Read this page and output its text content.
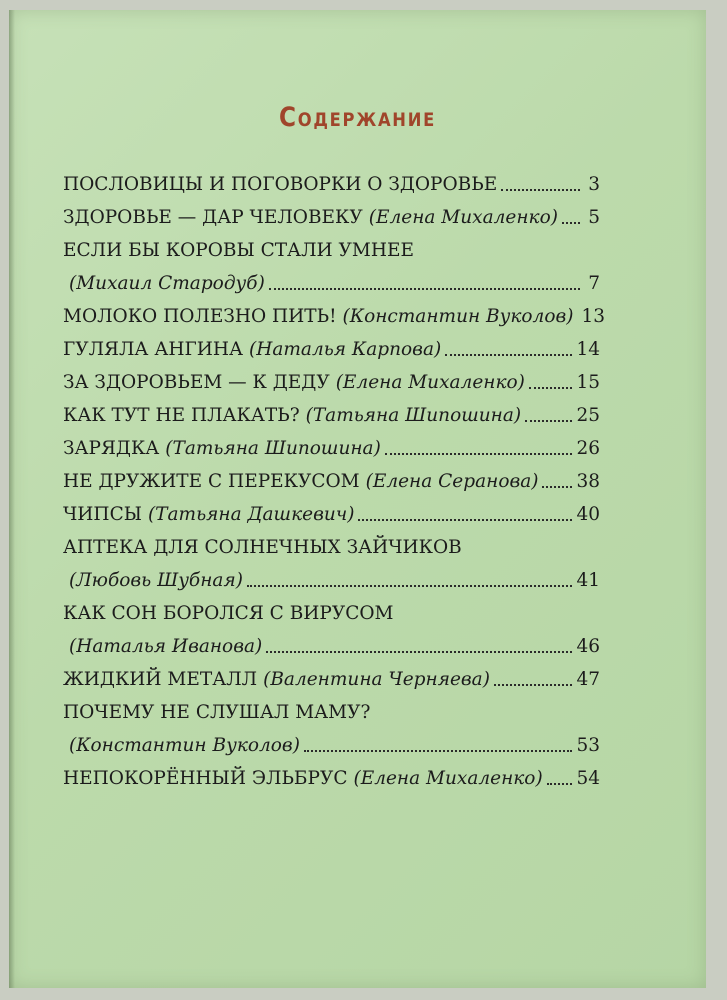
Содержание
ПОСЛОВИЦЫ И ПОГОВОРКИ О ЗДОРОВЬЕ	3
ЗДОРОВЬЕ — ДАР ЧЕЛОВЕКУ (Елена Михаленко) 5
ЕСЛИ БЫ КОРОВЫ СТАЛИ УМНЕЕ
(Михаил Стародуб)	7
МОЛОКО ПОЛЕЗНО ПИТЬ! (Константин Вуколов) 13
ГУЛЯЛА АНГИНА (Наталья Карпова)	14
ЗА ЗДОРОВЬЕМ — К ДЕДУ (Елена Михаленко)	15
КАК ТУТ НЕ ПЛАКАТЬ? (Татьяна Шипошина)	25
ЗАРЯДКА (Татьяна Шипошина)	26
НЕ ДРУЖИТЕ С ПЕРЕКУСОМ (Елена Серанова) 38
ЧИПСЫ (Татьяна Дашкевич)	40
АПТЕКА ДЛЯ СОЛНЕЧНЫХ ЗАЙЧИКОВ
(Любовь Шубная)	41
КАК СОН БОРОЛСЯ С ВИРУСОМ
(Наталья Иванова)	46
ЖИДКИЙ МЕТАЛЛ (Валентина Черняева)	47
ПОЧЕМУ НЕ СЛУШАЛ МАМУ?
(Константин Вуколов)	53
НЕПОКОРЁННЫЙ ЭЛЬБРУС (Елена Михаленко) 54
